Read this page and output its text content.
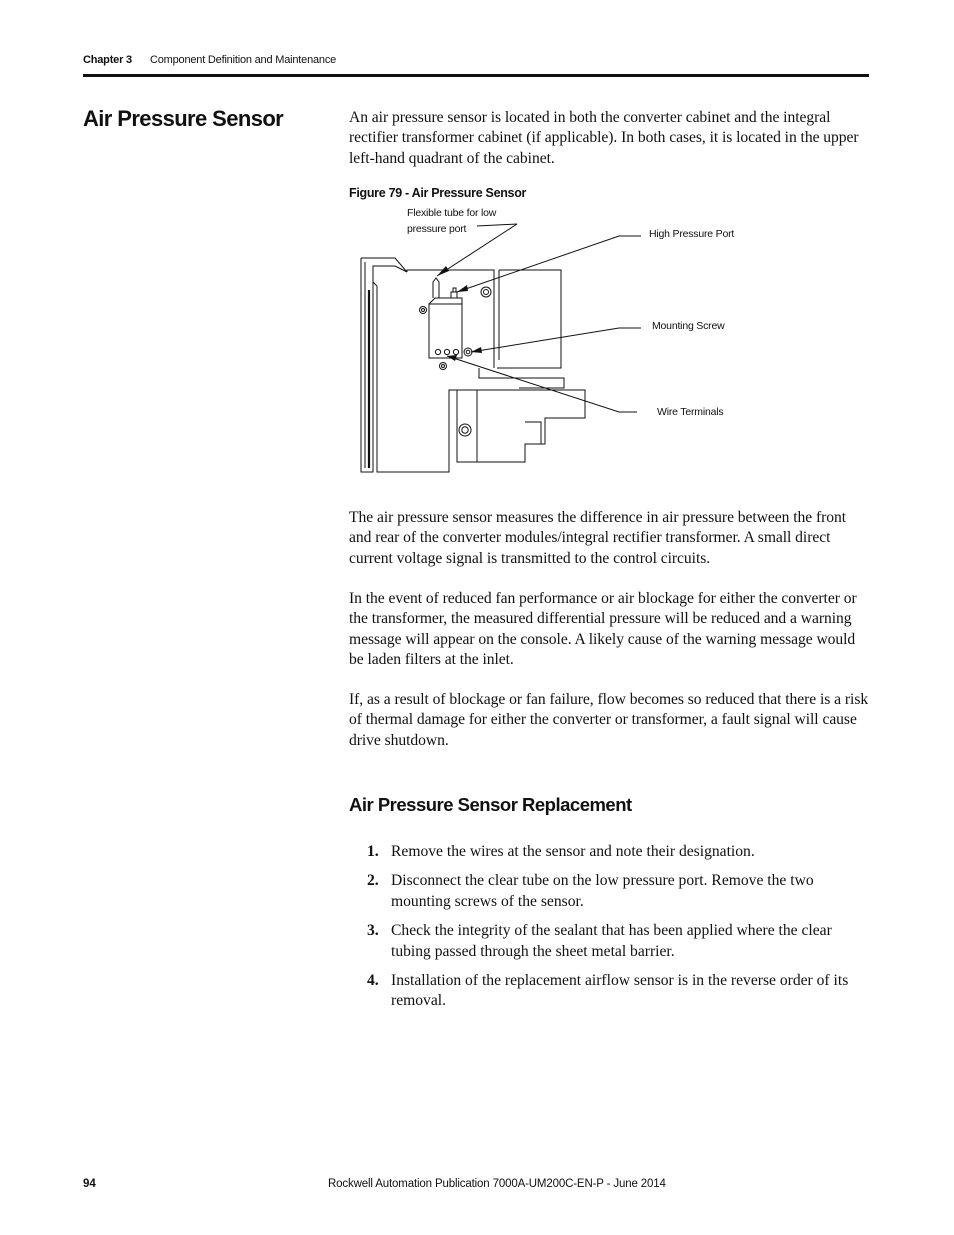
Chapter 3 Component Definition and Maintenance
Air Pressure Sensor	An air pressure sensor is located in both the converter cabinet and the integral rectifier transformer cabinet (if applicable). In both cases, it is located in the upper left-hand quadrant of the cabinet.

Figure 79 - Air Pressure Sensor
Flexible tube for low
pressure port	High Pressure Port
Mounting Screw
Wire Terminals

The air pressure sensor measures the difference in air pressure between the front and rear of the converter modules/integral rectifier transformer. A small direct current voltage signal is transmitted to the control circuits.

In the event of reduced fan performance or air blockage for either the converter or the transformer, the measured differential pressure will be reduced and a warning message will appear on the console. A likely cause of the warning message would be laden filters at the inlet.

If, as a result of blockage or fan failure, flow becomes so reduced that there is a risk of thermal damage for either the converter or transformer, a fault signal will cause drive shutdown.

Air Pressure Sensor Replacement
1. Remove the wires at the sensor and note their designation.
2. Disconnect the clear tube on the low pressure port. Remove the two mounting screws of the sensor.
3. Check the integrity of the sealant that has been applied where the clear tubing passed through the sheet metal barrier.
4. Installation of the replacement airflow sensor is in the reverse order of its removal.
94	Rockwell Automation Publication 7000A-UM200C-EN-P - June 2014
